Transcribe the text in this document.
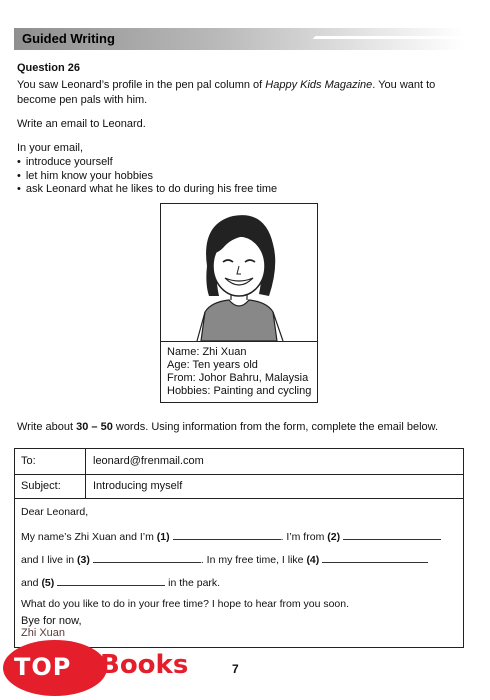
Guided Writing
Question 26
You saw Leonard’s profile in the pen pal column of Happy Kids Magazine. You want to become pen pals with him.
Write an email to Leonard.
In your email,
• introduce yourself
• let him know your hobbies
• ask Leonard what he likes to do during his free time
Name: Zhi Xuan
Age: Ten years old
From: Johor Bahru, Malaysia
Hobbies: Painting and cycling
Write about 30 – 50 words. Using information from the form, complete the email below.
To:	leonard@frenmail.com
Subject:	Introducing myself
Dear Leonard,
My name’s Zhi Xuan and I’m (1)	. I’m from (2)
and I live in (3)	. In my free time, I like (4)
and (5)	in the park.
What do you like to do in your free time? I hope to hear from you soon.
Bye for now,
Zhi Xuan
7
TOP Books
